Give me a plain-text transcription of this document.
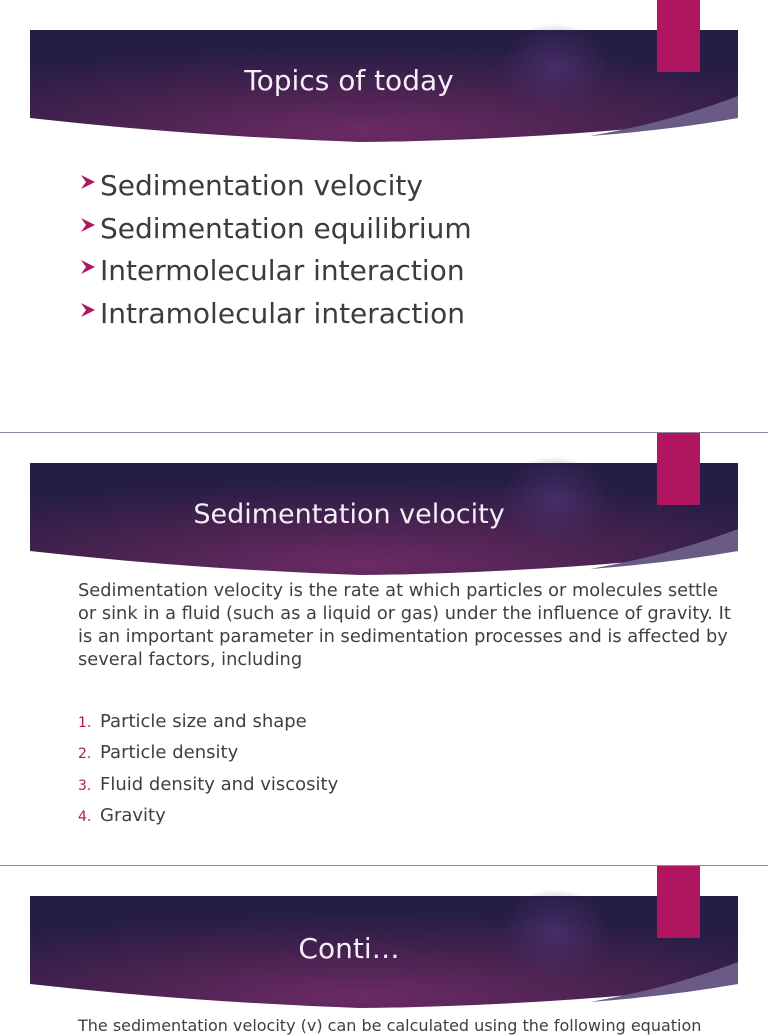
Topics of today
Sedimentation velocity
Sedimentation equilibrium
Intermolecular interaction
Intramolecular interaction
Sedimentation velocity

Sedimentation velocity is the rate at which particles or molecules settle or sink in a fluid (such as a liquid or gas) under the influence of gravity. It is an important parameter in sedimentation processes and is affected by several factors, including

1. Particle size and shape
2. Particle density
3. Fluid density and viscosity
4. Gravity
Conti…
The sedimentation velocity (v) can be calculated using the following equation
